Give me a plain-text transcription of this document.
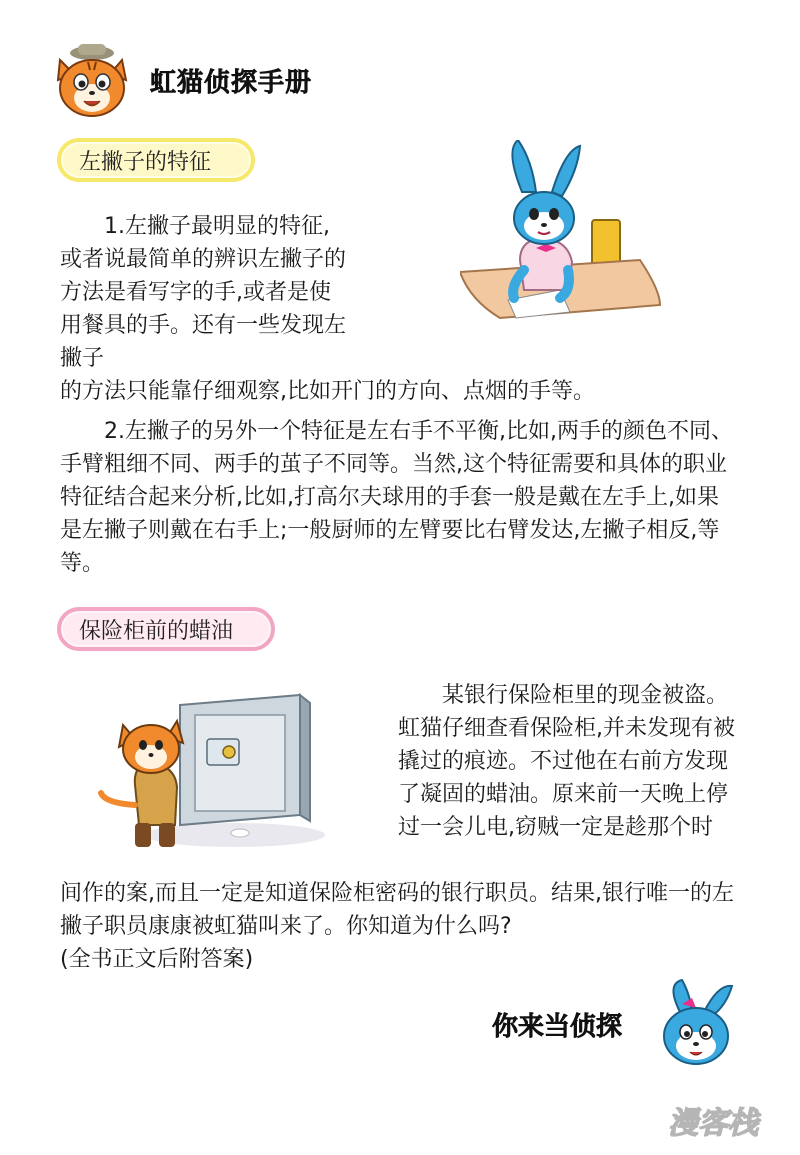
虹猫侦探手册
左撇子的特征

1.左撇子最明显的特征,或者说最简单的辨识左撇子的方法是看写字的手,或者是使用餐具的手。还有一些发现左撇子

的方法只能靠仔细观察,比如开门的方向、点烟的手等。

2.左撇子的另外一个特征是左右手不平衡,比如,两手的颜色不同、手臂粗细不同、两手的茧子不同等。当然,这个特征需要和具体的职业特征结合起来分析,比如,打高尔夫球用的手套一般是戴在左手上,如果是左撇子则戴在右手上;一般厨师的左臂要比右臂发达,左撇子相反,等等。

保险柜前的蜡油

某银行保险柜里的现金被盗。虹猫仔细查看保险柜,并未发现有被撬过的痕迹。不过他在右前方发现了凝固的蜡油。原来前一天晚上停过一会儿电,窃贼一定是趁那个时

间作的案,而且一定是知道保险柜密码的银行职员。结果,银行唯一的左撇子职员康康被虹猫叫来了。你知道为什么吗?
(全书正文后附答案)

你来当侦探
漫客栈
